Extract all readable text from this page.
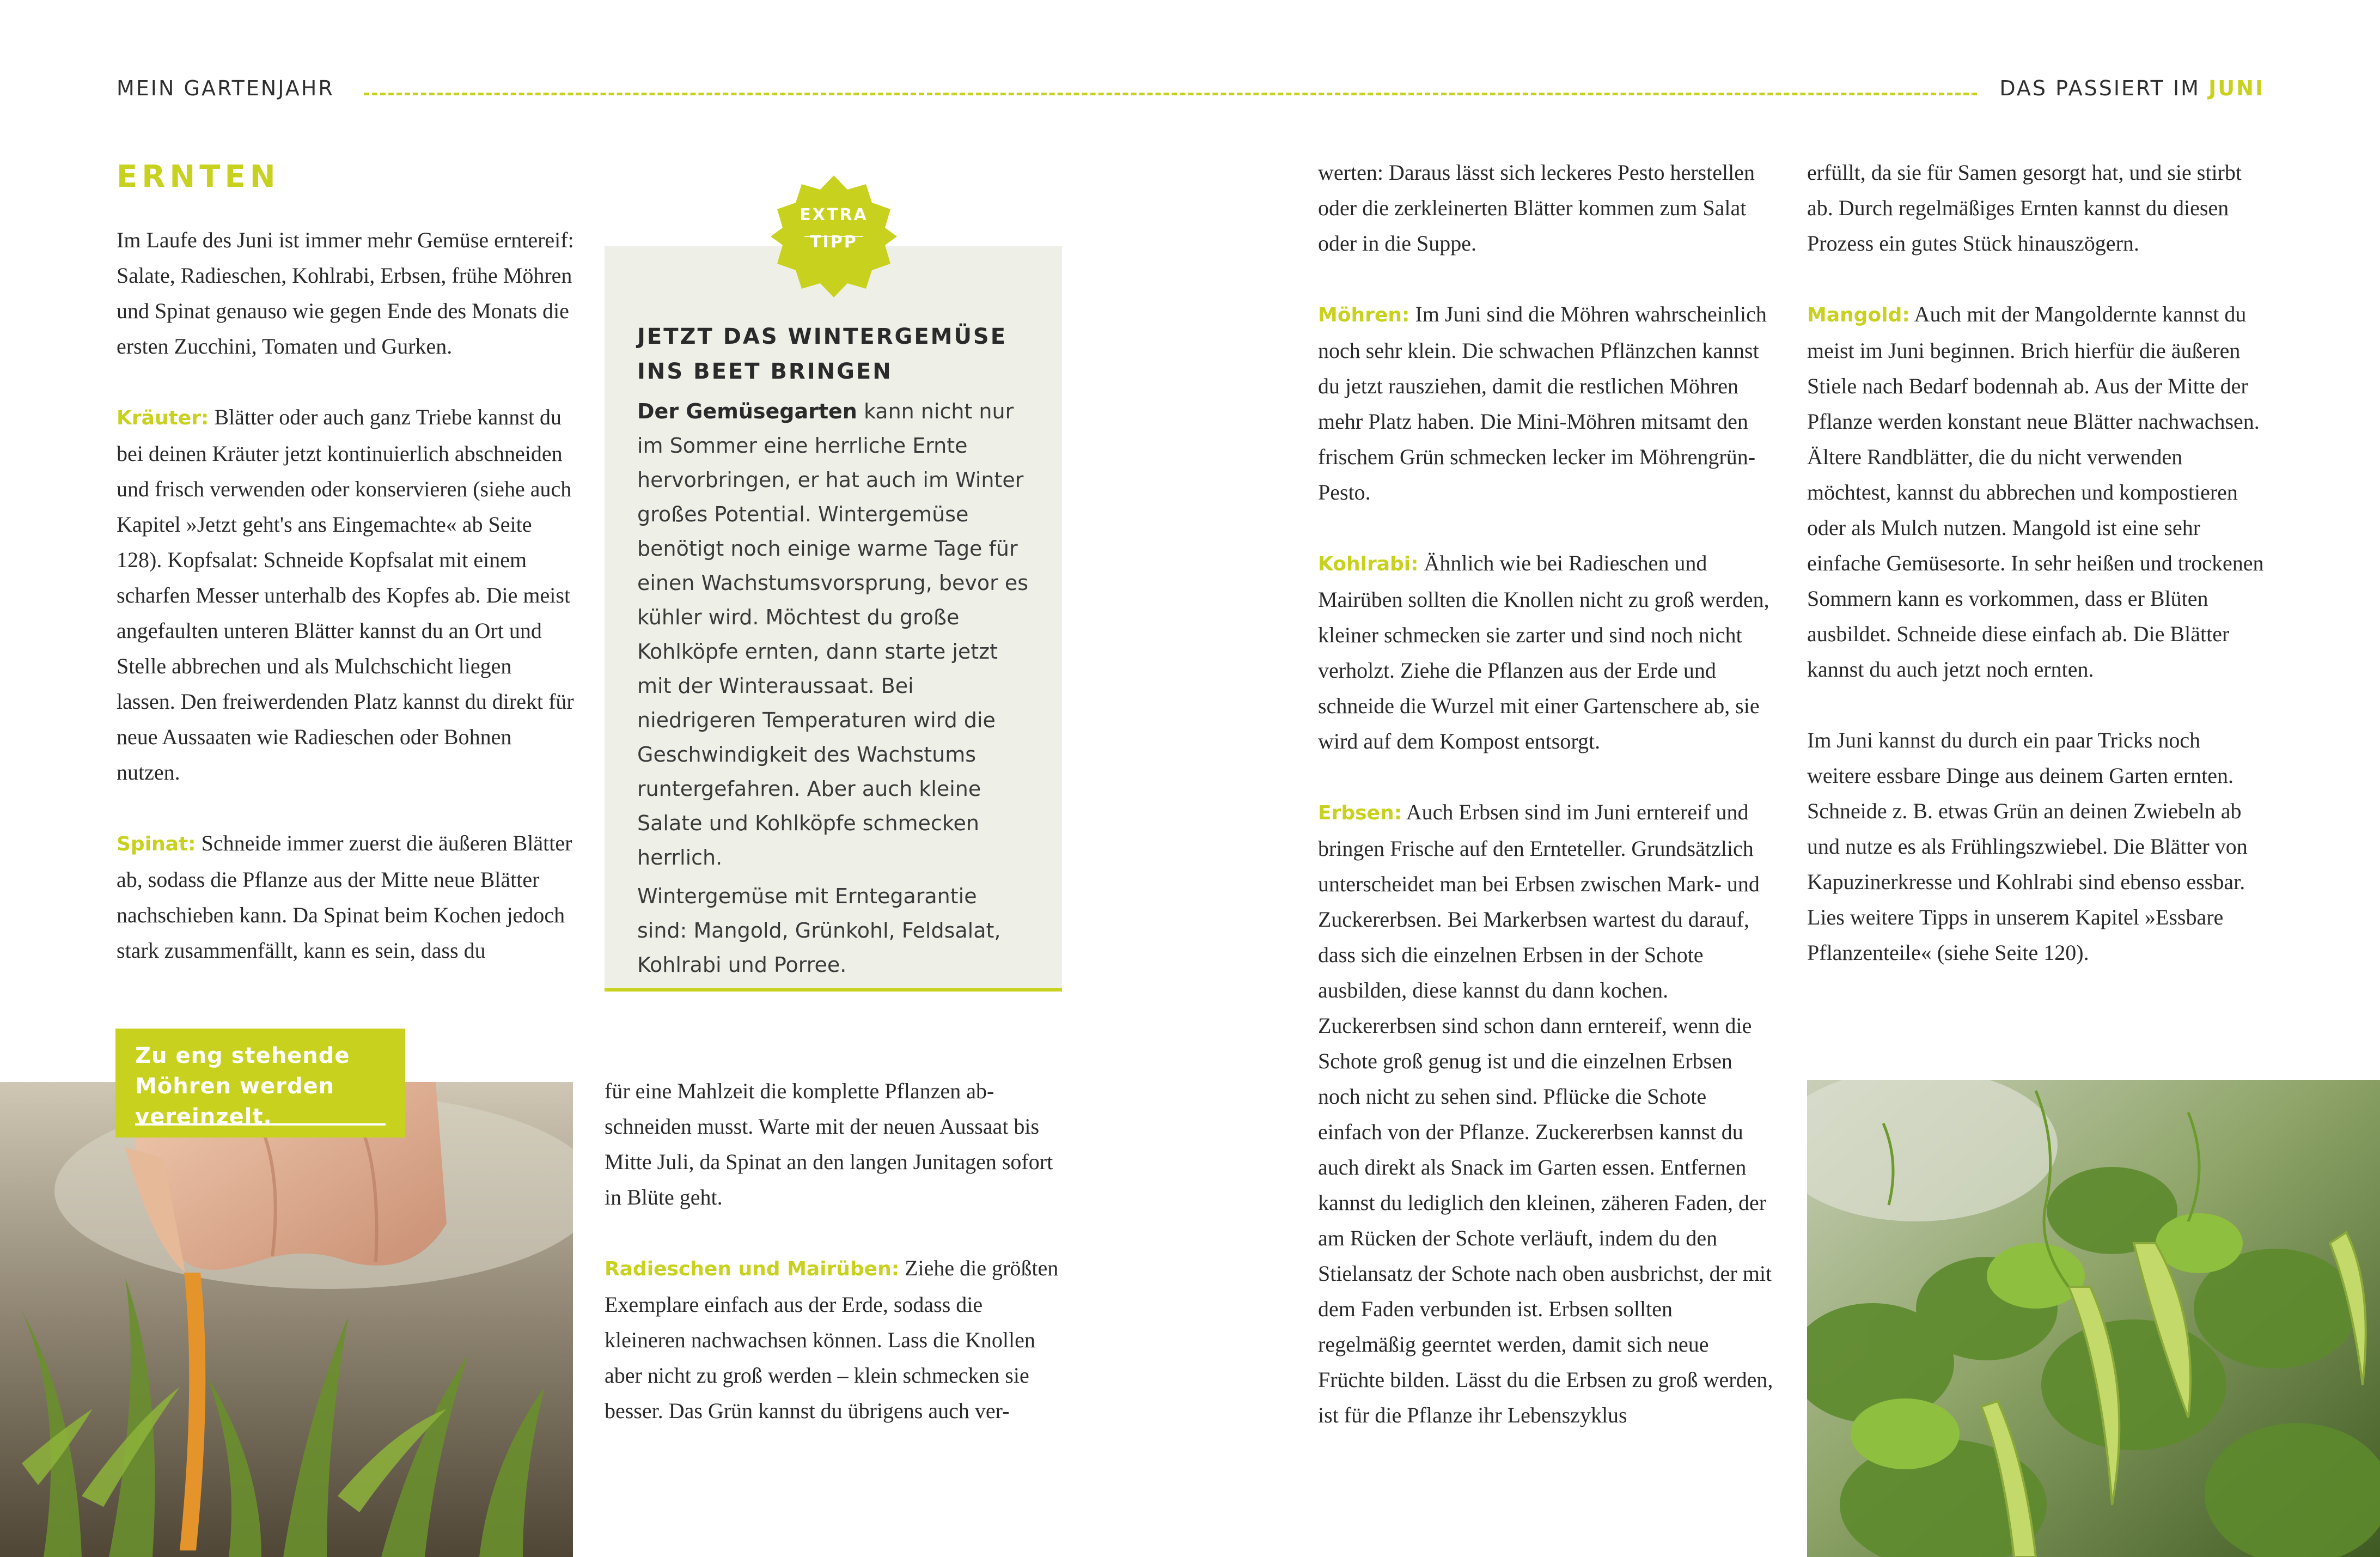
MEIN GARTENJAHR	DAS PASSIERT IM JUNI
ERNTEN

Im Laufe des Juni ist immer mehr Gemüse erntereif: Salate, Radieschen, Kohlrabi, Erbsen, frühe Möhren und Spinat genauso wie gegen Ende des Monats die ersten Zucchini, Tomaten und Gurken.

Kräuter: Blätter oder auch ganz Triebe kannst du bei deinen Kräuter jetzt kontinuierlich abschneiden und frisch verwenden oder konservieren (siehe auch Kapitel »Jetzt geht's ans Eingemachte« ab Seite 128). Kopfsalat: Schneide Kopfsalat mit einem scharfen Messer unterhalb des Kopfes ab. Die meist angefaulten unteren Blätter kannst du an Ort und Stelle abbrechen und als Mulchschicht liegen lassen. Den freiwerdenden Platz kannst du direkt für neue Aussaaten wie Radieschen oder Bohnen nutzen.

Spinat: Schneide immer zuerst die äußeren Blätter ab, sodass die Pflanze aus der Mitte neue Blätter nachschieben kann. Da Spinat beim Kochen jedoch stark zusammenfällt, kann es sein, dass du

JETZT DAS WINTERGEMÜSE INS BEET BRINGEN

Der Gemüsegarten kann nicht nur im Sommer eine herrliche Ernte hervorbringen, er hat auch im Winter großes Potential. Wintergemüse benötigt noch einige warme Tage für einen Wachstumsvorsprung, bevor es kühler wird. Möchtest du große Kohlköpfe ernten, dann starte jetzt mit der Winteraussaat. Bei niedrigeren Temperaturen wird die Geschwindigkeit des Wachstums runtergefahren. Aber auch kleine Salate und Kohlköpfe schmecken herrlich.

Wintergemüse mit Erntegarantie sind: Mangold, Grünkohl, Feldsalat, Kohlrabi und Porree.

EXTRA
TIPP
Zu eng stehende Möhren werden vereinzelt.

für eine Mahlzeit die komplette Pflanzen abschneiden musst. Warte mit der neuen Aussaat bis Mitte Juli, da Spinat an den langen Junitagen sofort in Blüte geht.

Radieschen und Mairüben: Ziehe die größten Exemplare einfach aus der Erde, sodass die kleineren nachwachsen können. Lass die Knollen aber nicht zu groß werden – klein schmecken sie besser. Das Grün kannst du übrigens auch ver-

werten: Daraus lässt sich leckeres Pesto herstellen oder die zerkleinerten Blätter kommen zum Salat oder in die Suppe.

Möhren: Im Juni sind die Möhren wahrscheinlich noch sehr klein. Die schwachen Pflänzchen kannst du jetzt rausziehen, damit die restlichen Möhren mehr Platz haben. Die Mini-Möhren mitsamt den frischem Grün schmecken lecker im Möhrengrün-Pesto.

Kohlrabi: Ähnlich wie bei Radieschen und Mairüben sollten die Knollen nicht zu groß werden, kleiner schmecken sie zarter und sind noch nicht verholzt. Ziehe die Pflanzen aus der Erde und schneide die Wurzel mit einer Gartenschere ab, sie wird auf dem Kompost entsorgt.

Erbsen: Auch Erbsen sind im Juni erntereif und bringen Frische auf den Ernteteller. Grundsätzlich unterscheidet man bei Erbsen zwischen Mark- und Zuckererbsen. Bei Markerbsen wartest du darauf, dass sich die einzelnen Erbsen in der Schote ausbilden, diese kannst du dann kochen. Zuckererbsen sind schon dann erntereif, wenn die Schote groß genug ist und die einzelnen Erbsen noch nicht zu sehen sind. Pflücke die Schote einfach von der Pflanze. Zuckererbsen kannst du auch direkt als Snack im Garten essen. Entfernen kannst du lediglich den kleinen, zäheren Faden, der am Rücken der Schote verläuft, indem du den Stielansatz der Schote nach oben ausbrichst, der mit dem Faden verbunden ist. Erbsen sollten regelmäßig geerntet werden, damit sich neue Früchte bilden. Lässt du die Erbsen zu groß werden, ist für die Pflanze ihr Lebenszyklus

erfüllt, da sie für Samen gesorgt hat, und sie stirbt ab. Durch regelmäßiges Ernten kannst du diesen Prozess ein gutes Stück hinauszögern.

Mangold: Auch mit der Mangoldernte kannst du meist im Juni beginnen. Brich hierfür die äußeren Stiele nach Bedarf bodennah ab. Aus der Mitte der Pflanze werden konstant neue Blätter nachwachsen. Ältere Randblätter, die du nicht verwenden möchtest, kannst du abbrechen und kompostieren oder als Mulch nutzen. Mangold ist eine sehr einfache Gemüsesorte. In sehr heißen und trockenen Sommern kann es vorkommen, dass er Blüten ausbildet. Schneide diese einfach ab. Die Blätter kannst du auch jetzt noch ernten.

Im Juni kannst du durch ein paar Tricks noch weitere essbare Dinge aus deinem Garten ernten. Schneide z. B. etwas Grün an deinen Zwiebeln ab und nutze es als Frühlingszwiebel. Die Blätter von Kapuzinerkresse und Kohlrabi sind ebenso essbar. Lies weitere Tipps in unserem Kapitel »Essbare Pflanzenteile« (siehe Seite 120).
